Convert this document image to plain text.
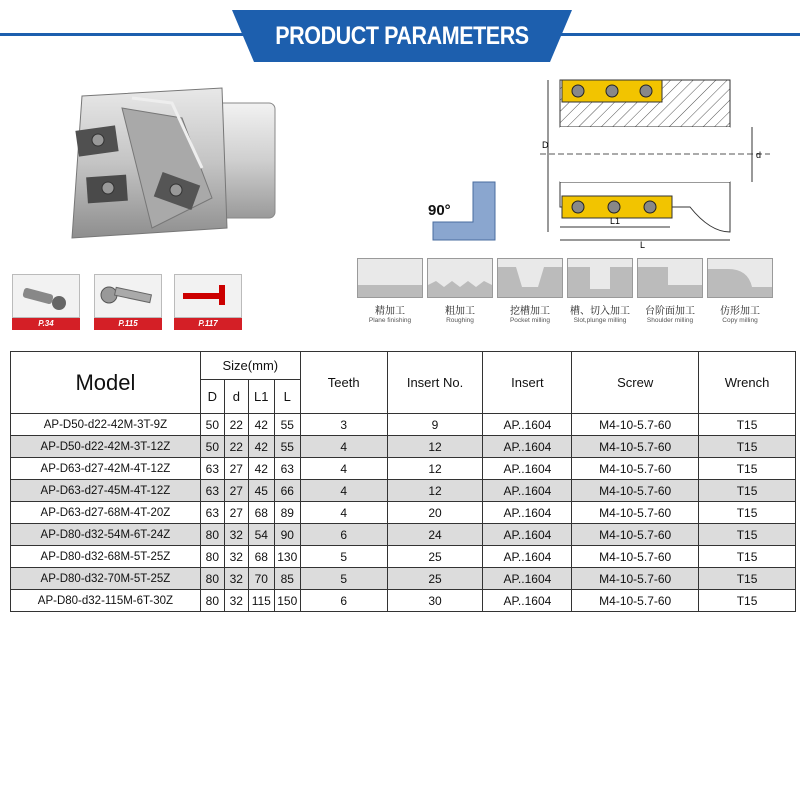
PRODUCT PARAMETERS
P.34	P.115	P.117
D
d
L1
L
90°
精加工
Plane finishing
粗加工
Roughing
挖槽加工
Pocket milling
槽、切入加工
Slot,plunge milling
台阶面加工
Shoulder milling
仿形加工
Copy milling
Model	Size(mm)				Teeth	Insert No.	Insert	Screw	Wrench
	D	d	L1	L					
AP-D50-d22-42M-3T-9Z	50	22	42	55	3	9	AP..1604	M4-10-5.7-60	T15
AP-D50-d22-42M-3T-12Z	50	22	42	55	4	12	AP..1604	M4-10-5.7-60	T15
AP-D63-d27-42M-4T-12Z	63	27	42	63	4	12	AP..1604	M4-10-5.7-60	T15
AP-D63-d27-45M-4T-12Z	63	27	45	66	4	12	AP..1604	M4-10-5.7-60	T15
AP-D63-d27-68M-4T-20Z	63	27	68	89	4	20	AP..1604	M4-10-5.7-60	T15
AP-D80-d32-54M-6T-24Z	80	32	54	90	6	24	AP..1604	M4-10-5.7-60	T15
AP-D80-d32-68M-5T-25Z	80	32	68	130	5	25	AP..1604	M4-10-5.7-60	T15
AP-D80-d32-70M-5T-25Z	80	32	70	85	5	25	AP..1604	M4-10-5.7-60	T15
AP-D80-d32-115M-6T-30Z	80	32	115	150	6	30	AP..1604	M4-10-5.7-60	T15
